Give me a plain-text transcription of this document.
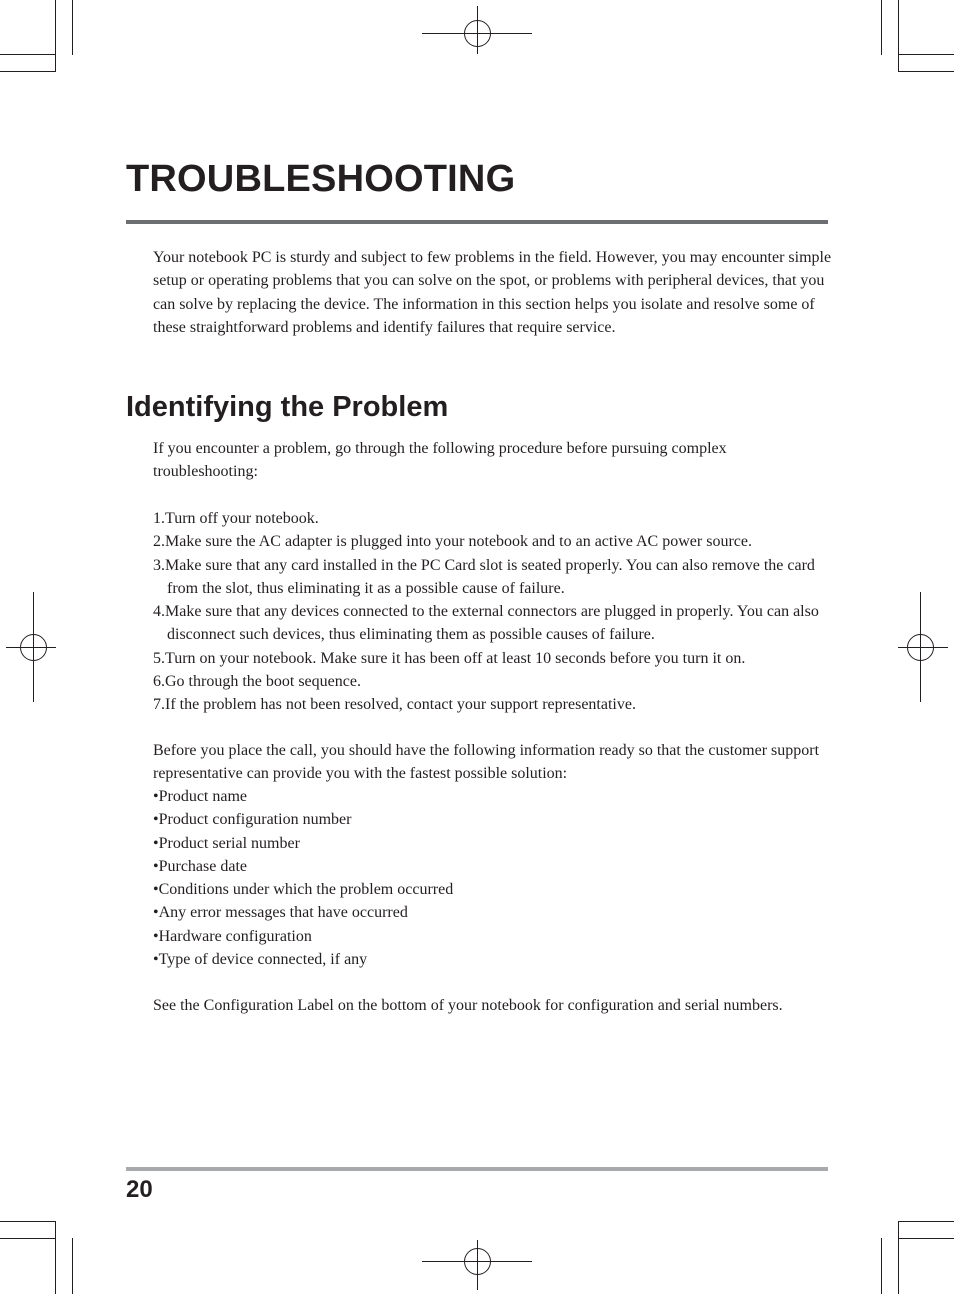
TROUBLESHOOTING

Your notebook PC is sturdy and subject to few problems in the field. However, you may encounter simple setup or operating problems that you can solve on the spot, or problems with peripheral devices, that you can solve by replacing the device. The information in this section helps you isolate and resolve some of these straightforward problems and identify failures that require service.

Identifying the Problem

If you encounter a problem, go through the following procedure before pursuing complex troubleshooting:

1.Turn off your notebook.
2.Make sure the AC adapter is plugged into your notebook and to an active AC power source.
3.Make sure that any card installed in the PC Card slot is seated properly. You can also remove the card from the slot, thus eliminating it as a possible cause of failure.
4.Make sure that any devices connected to the external connectors are plugged in properly. You can also disconnect such devices, thus eliminating them as possible causes of failure.
5.Turn on your notebook. Make sure it has been off at least 10 seconds before you turn it on.
6.Go through the boot sequence.
7.If the problem has not been resolved, contact your support representative.

Before you place the call, you should have the following information ready so that the customer support representative can provide you with the fastest possible solution:

•Product name
•Product configuration number
•Product serial number
•Purchase date
•Conditions under which the problem occurred
•Any error messages that have occurred
•Hardware configuration
•Type of device connected, if any

See the Configuration Label on the bottom of your notebook for configuration and serial numbers.

20
